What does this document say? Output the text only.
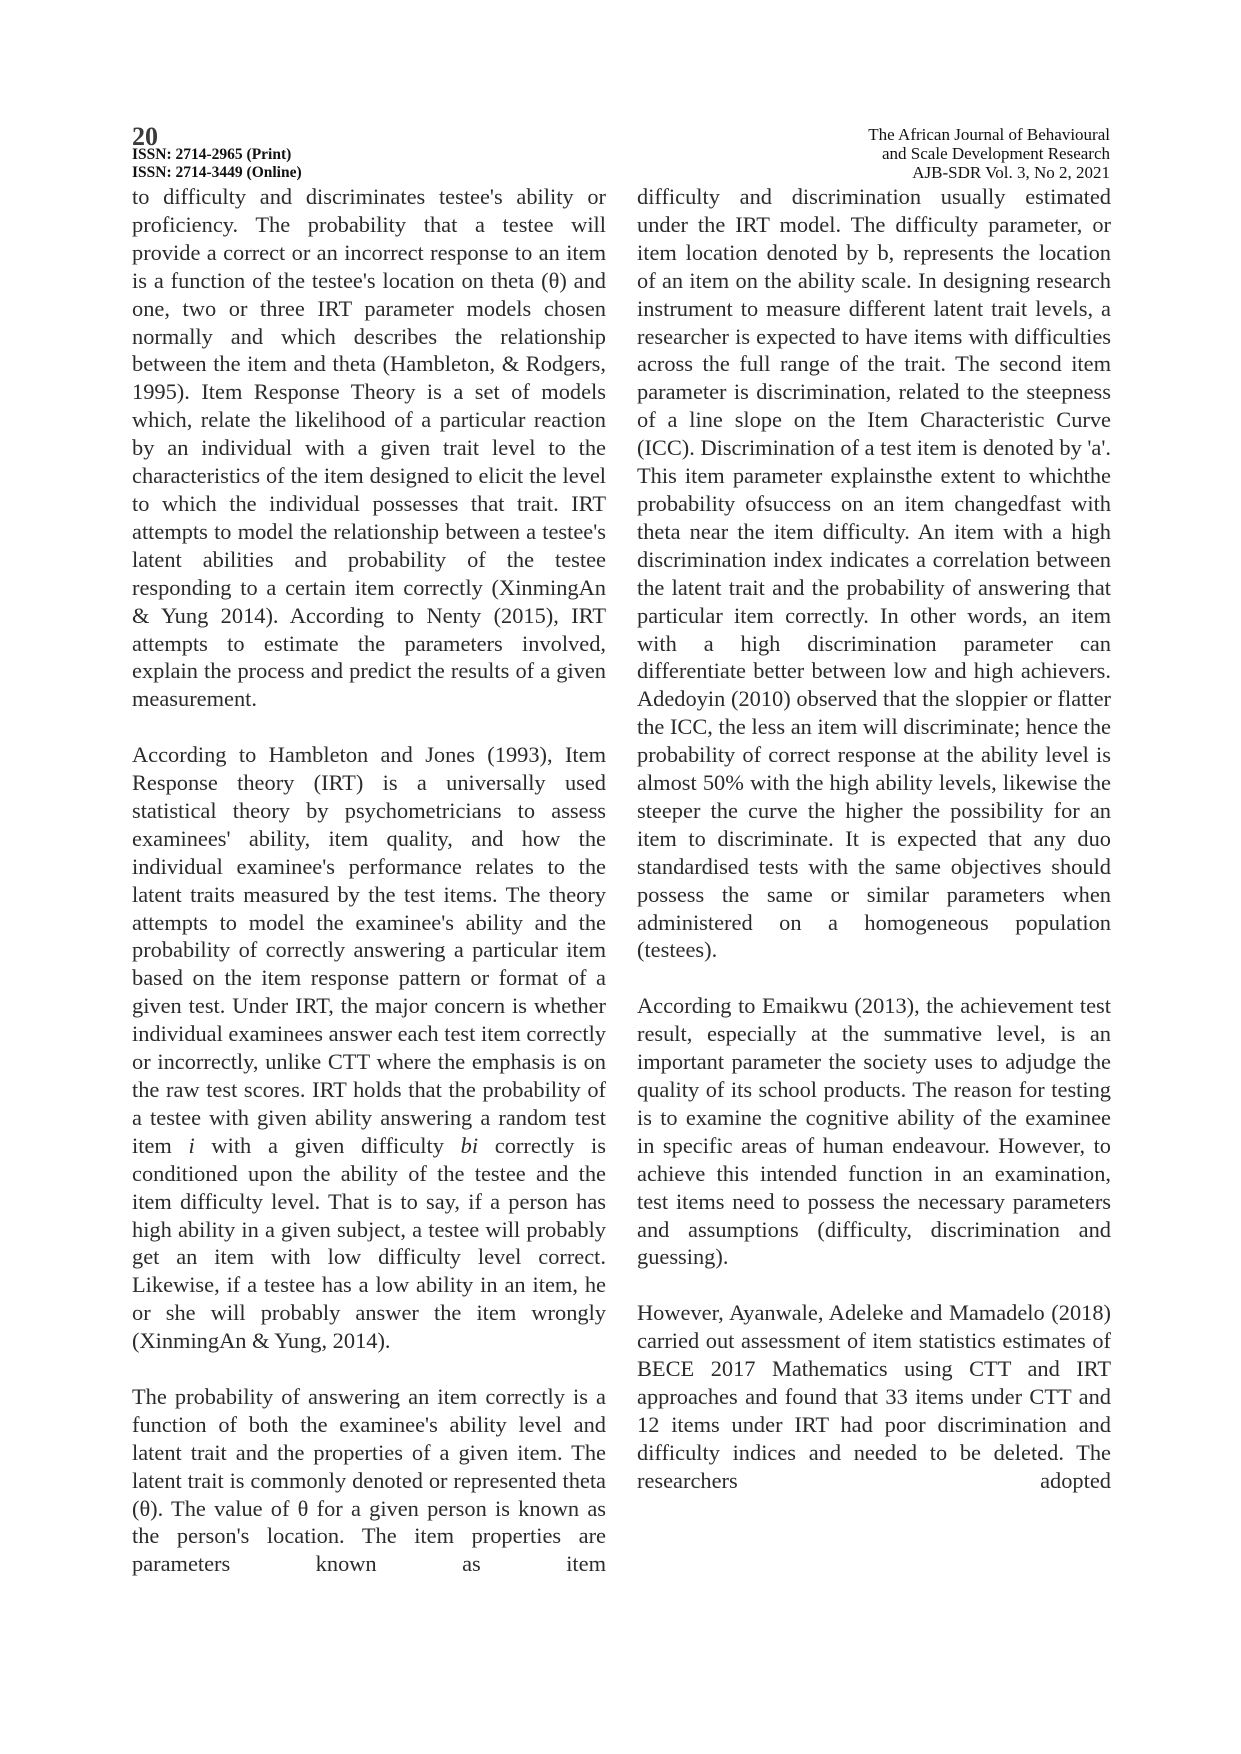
20
ISSN: 2714-2965 (Print)
ISSN: 2714-3449 (Online)
The African Journal of Behavioural
and Scale Development Research
AJB-SDR Vol. 3, No 2, 2021

to difficulty and discriminates testee's ability or proficiency. The probability that a testee will provide a correct or an incorrect response to an item is a function of the testee's location on theta (θ) and one, two or three IRT parameter models chosen normally and which describes the relationship between the item and theta (Hambleton, & Rodgers, 1995). Item Response Theory is a set of models which, relate the likelihood of a particular reaction by an individual with a given trait level to the characteristics of the item designed to elicit the level to which the individual possesses that trait. IRT attempts to model the relationship between a testee's latent abilities and probability of the testee responding to a certain item correctly (XinmingAn & Yung 2014). According to Nenty (2015), IRT attempts to estimate the parameters involved, explain the process and predict the results of a given measurement.

According to Hambleton and Jones (1993), Item Response theory (IRT) is a universally used statistical theory by psychometricians to assess examinees' ability, item quality, and how the individual examinee's performance relates to the latent traits measured by the test items. The theory attempts to model the examinee's ability and the probability of correctly answering a particular item based on the item response pattern or format of a given test. Under IRT, the major concern is whether individual examinees answer each test item correctly or incorrectly, unlike CTT where the emphasis is on the raw test scores. IRT holds that the probability of a testee with given ability answering a random test item i with a given difficulty bi correctly is conditioned upon the ability of the testee and the item difficulty level. That is to say, if a person has high ability in a given subject, a testee will probably get an item with low difficulty level correct. Likewise, if a testee has a low ability in an item, he or she will probably answer the item wrongly (XinmingAn & Yung, 2014).

The probability of answering an item correctly is a function of both the examinee's ability level and latent trait and the properties of a given item. The latent trait is commonly denoted or represented theta (θ). The value of θ for a given person is known as the person's location. The item properties are parameters known as item

difficulty and discrimination usually estimated under the IRT model. The difficulty parameter, or item location denoted by b, represents the location of an item on the ability scale. In designing research instrument to measure different latent trait levels, a researcher is expected to have items with difficulties across the full range of the trait. The second item parameter is discrimination, related to the steepness of a line slope on the Item Characteristic Curve (ICC). Discrimination of a test item is denoted by 'a'. This item parameter explainsthe extent to whichthe probability ofsuccess on an item changedfast with theta near the item difficulty. An item with a high discrimination index indicates a correlation between the latent trait and the probability of answering that particular item correctly. In other words, an item with a high discrimination parameter can differentiate better between low and high achievers. Adedoyin (2010) observed that the sloppier or flatter the ICC, the less an item will discriminate; hence the probability of correct response at the ability level is almost 50% with the high ability levels, likewise the steeper the curve the higher the possibility for an item to discriminate. It is expected that any duo standardised tests with the same objectives should possess the same or similar parameters when administered on a homogeneous population (testees).

According to Emaikwu (2013), the achievement test result, especially at the summative level, is an important parameter the society uses to adjudge the quality of its school products. The reason for testing is to examine the cognitive ability of the examinee in specific areas of human endeavour. However, to achieve this intended function in an examination, test items need to possess the necessary parameters and assumptions (difficulty, discrimination and guessing).

However, Ayanwale, Adeleke and Mamadelo (2018) carried out assessment of item statistics estimates of BECE 2017 Mathematics using CTT and IRT approaches and found that 33 items under CTT and 12 items under IRT had poor discrimination and difficulty indices and needed to be deleted. The researchers adopted
